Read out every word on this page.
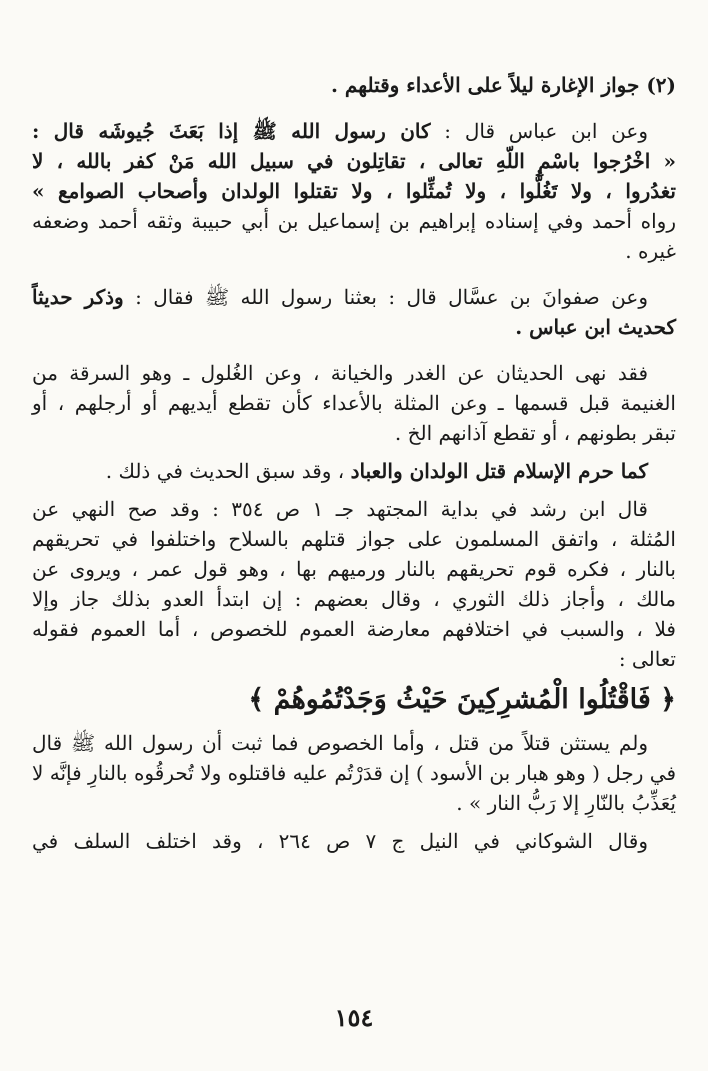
(٢) جواز الإغارة ليلاً على الأعداء وقتلهم .

وعن ابن عباس قال : كان رسول الله ﷺ إذا بَعَثَ جُيوشَه قال :

« اخْرُجوا باسْمِ اللّهِ تعالى ، تقاتِلون في سبيل الله مَنْ كفر بالله ، لا

تغدُروا ، ولا تَغُلُّوا ، ولا تُمثِّلوا ، ولا تقتلوا الولدان وأصحاب الصوامع »

رواه أحمد وفي إسناده إبراهيم بن إسماعيل بن أبي حبيبة وثقه أحمد وضعفه

غيره .

وعن صفوانَ بن عسَّال قال : بعثنا رسول الله ﷺ فقال : وذكر حديثاً

كحديث ابن عباس .

فقد نهى الحديثان عن الغدر والخيانة ، وعن الغُلول ـ وهو السرقة من

الغنيمة قبل قسمها ـ وعن المثلة بالأعداء كأن تقطع أيديهم أو أرجلهم ، أو

تبقر بطونهم ، أو تقطع آذانهم الخ .

كما حرم الإسلام قتل الولدان والعباد ، وقد سبق الحديث في ذلك .

قال ابن رشد في بداية المجتهد جـ ١ ص ٣٥٤ : وقد صح النهي عن

المُثلة ، واتفق المسلمون على جواز قتلهم بالسلاح واختلفوا في تحريقهم

بالنار ، فكره قوم تحريقهم بالنار ورميهم بها ، وهو قول عمر ، ويروى عن

مالك ، وأجاز ذلك الثوري ، وقال بعضهم : إن ابتدأ العدو بذلك جاز وإلا

فلا ، والسبب في اختلافهم معارضة العموم للخصوص ، أما العموم فقوله

تعالى :

﴿ فَاقْتُلُوا الْمُشرِكِينَ حَيْثُ وَجَدْتُمُوهُمْ ﴾

ولم يستثن قتلاً من قتل ، وأما الخصوص فما ثبت أن رسول الله ﷺ قال

في رجل ( وهو هبار بن الأسود ) إن قدَرْتُم عليه فاقتلوه ولا تُحرقُوه بالنارِ فإنَّه لا

يُعَذِّبُ بالنّارِ إلا رَبُّ النار » .

وقال الشوكاني في النيل ج ٧ ص ٢٦٤ ، وقد اختلف السلف في

١٥٤
